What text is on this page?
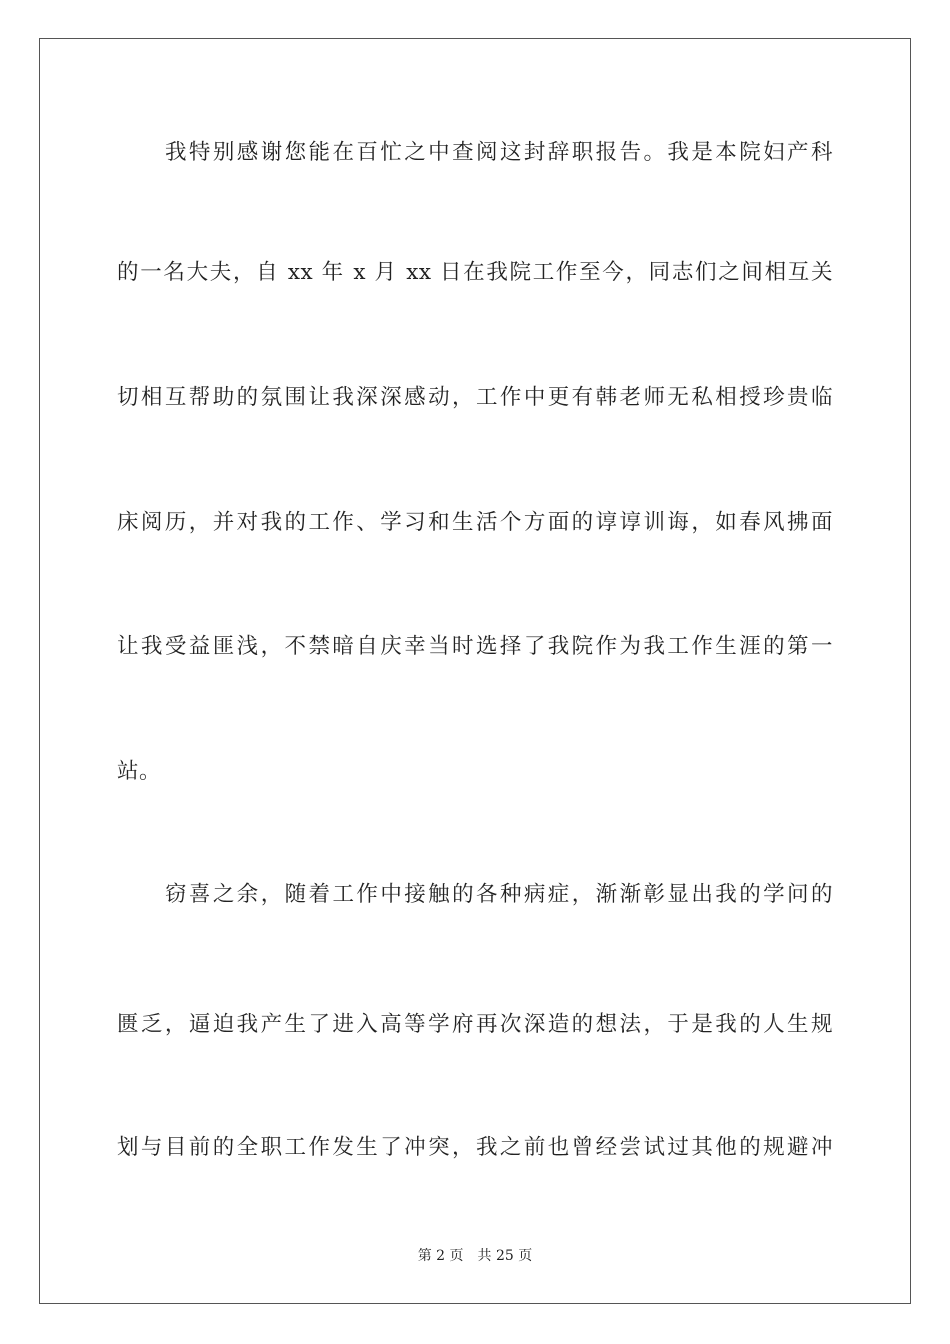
我特别感谢您能在百忙之中查阅这封辞职报告。我是本院妇产科
的一名大夫，自 xx 年 x 月 xx 日在我院工作至今，同志们之间相互关
切相互帮助的氛围让我深深感动，工作中更有韩老师无私相授珍贵临
床阅历，并对我的工作、学习和生活个方面的谆谆训诲，如春风拂面
让我受益匪浅，不禁暗自庆幸当时选择了我院作为我工作生涯的第一
站。
窃喜之余，随着工作中接触的各种病症，渐渐彰显出我的学问的
匮乏，逼迫我产生了进入高等学府再次深造的想法，于是我的人生规
划与目前的全职工作发生了冲突，我之前也曾经尝试过其他的规避冲
第 2 页 共 25 页
